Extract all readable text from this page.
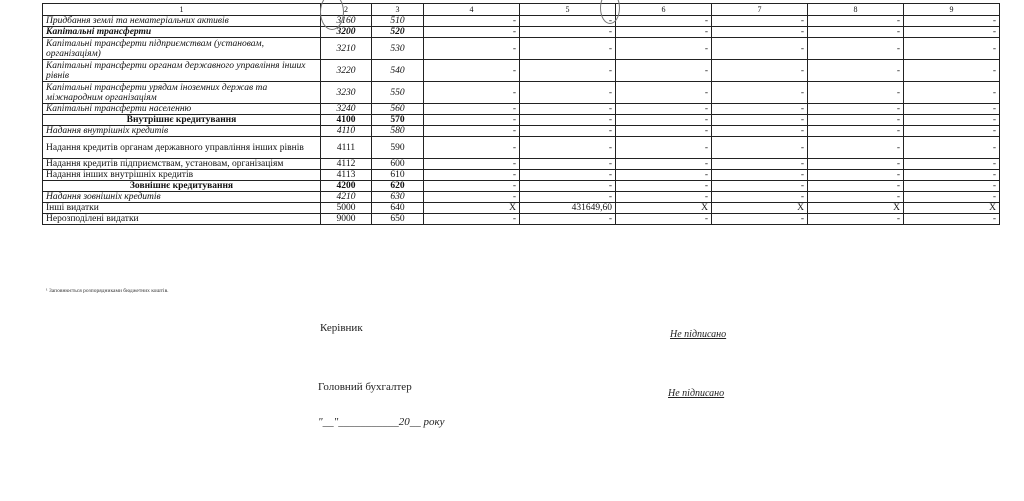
1	2	3	4	5	6	7	8	9
Придбання землі та нематеріальних активів	3160	510	-	-	-	-	-	-
Капітальні трансферти	3200	520	-	-	-	-	-	-
Капітальні трансферти підприємствам (установам, організаціям)	3210	530	-	-	-	-	-	-
Капітальні трансферти органам державного управління інших рівнів	3220	540	-	-	-	-	-	-
Капітальні трансферти урядам іноземних держав та міжнародним організаціям	3230	550	-	-	-	-	-	-
Капітальні трансферти населенню	3240	560	-	-	-	-	-	-
Внутрішнє кредитування	4100	570	-	-	-	-	-	-
Надання внутрішніх кредитів	4110	580	-	-	-	-	-	-
Надання кредитів органам державного управління інших рівнів	4111	590	-	-	-	-	-	-
Надання кредитів підприємствам, установам, організаціям	4112	600	-	-	-	-	-	-
Надання інших внутрішніх кредитів	4113	610	-	-	-	-	-	-
Зовнішнє кредитування	4200	620	-	-	-	-	-	-
Надання зовнішніх кредитів	4210	630	-	-	-	-	-	-
Інші видатки	5000	640	X	431649,60	X	X	X	X
Нерозподілені видатки	9000	650	-	-	-	-	-	-
¹ Заповнюється розпорядниками бюджетних коштів.
Керівник
Не підписано
Головний бухгалтер
Не підписано
"__"___________20__ року
